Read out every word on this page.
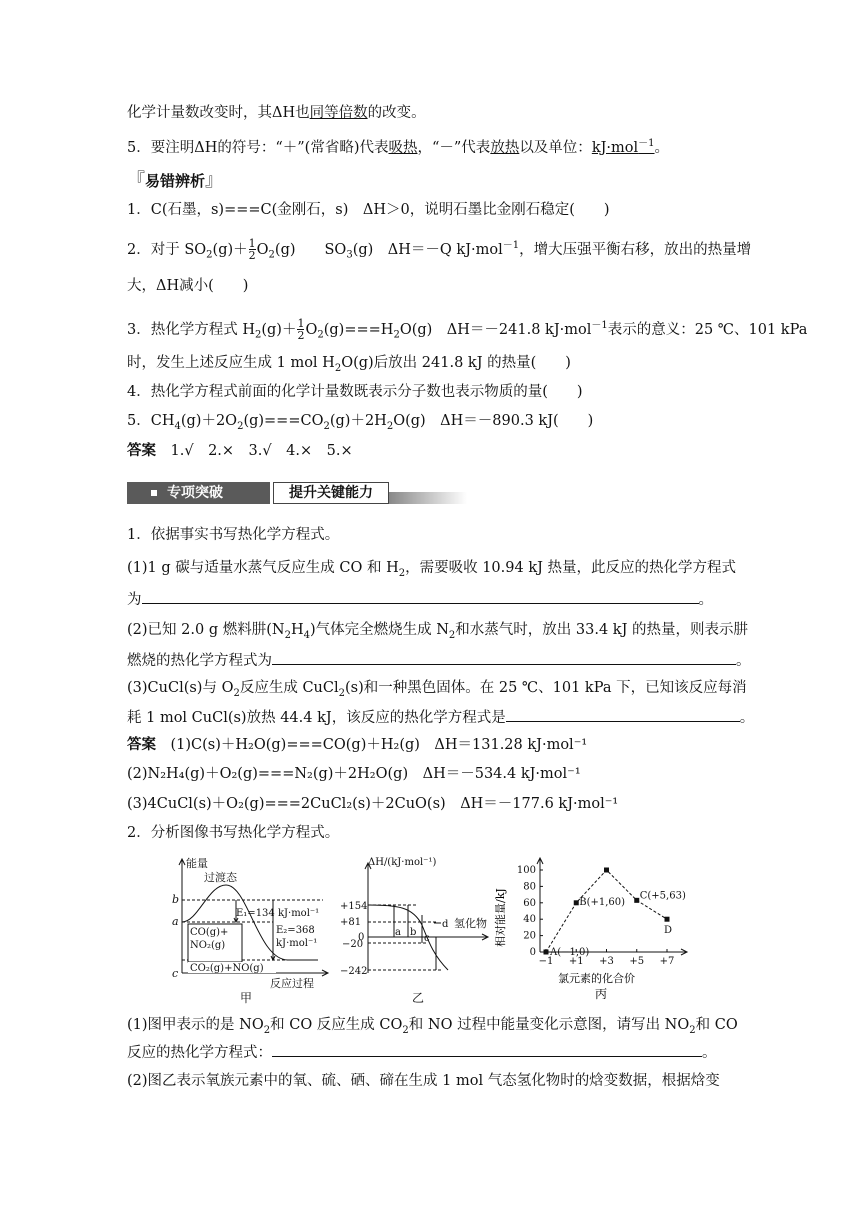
化学计量数改变时，其ΔH也同等倍数的改变。
5．要注明ΔH的符号：“＋”(常省略)代表吸热，“－”代表放热以及单位：kJ·mol$^{-1}$。
『易错辨析』
1．C(石墨，s)===C(金刚石，s)　ΔH＞0，说明石墨比金刚石稳定(　　)
2．对于 $SO_2(g)+ \frac{1}{2} O_2(g)$　　$SO_3(g)$　ΔH＝－Q kJ·mol$^{-1}$，增大压强平衡右移，放出的热量增
大，ΔH减小(　　)
3．热化学方程式 $H_2(g)+ \frac{1}{2} O_2(g)===H_2O(g)$　ΔH＝－241.8 kJ·mol$^{-1}$表示的意义：25 ℃、101 kPa
时，发生上述反应生成 1 mol $H_2O(g)$后放出 241.8 kJ 的热量(　　)
4．热化学方程式前面的化学计量数既表示分子数也表示物质的量(　　)
5．$CH_4(g)+2O_2(g)===CO_2(g)+2H_2O(g)$　ΔH＝－890.3 kJ(　　)
答案　 1.√　2.×　3.√　4.×　5.×
专项突破	提升关键能力
1．依据事实书写热化学方程式。
(1)1 g 碳与适量水蒸气反应生成 CO 和 $H_2$，需要吸收 10.94 kJ 热量，此反应的热化学方程式
为	。
(2)已知 2.0 g 燃料肼$(N_2H_4)$气体完全燃烧生成 $N_2$和水蒸气时，放出 33.4 kJ 的热量，则表示肼
燃烧的热化学方程式为	。
(3)CuCl(s)与 $O_2$反应生成 CuCl$_2$(s)和一种黑色固体。在 25 ℃、101 kPa 下，已知该反应每消
耗 1 mol CuCl(s)放热 44.4 kJ，该反应的热化学方程式是	。
答案　 (1)C(s)＋H₂O(g)===CO(g)＋H₂(g)　ΔH＝131.28 kJ·mol⁻¹
(2)N₂H₄(g)＋O₂(g)===N₂(g)＋2H₂O(g)　ΔH＝－534.4 kJ·mol⁻¹
(3)4CuCl(s)＋O₂(g)===2CuCl₂(s)＋2CuO(s)　ΔH＝－177.6 kJ·mol⁻¹
2．分析图像书写热化学方程式。
能量
过渡态
E₁=134 kJ·mol⁻¹
E₂=368
kJ·mol⁻¹
CO(g)+
NO₂(g)
CO₂(g)+NO(g)
b
a
c
反应过程
甲
ΔH/(kJ·mol⁻¹)
+154
+81
0
−20
−242
a b
c
d 氢化物
乙
0
20
40
60
80
100
−1 +1 +3 +5 +7
A(−1,0)
B(+1,60)
C(+5,63)
D
相对能量/kJ
氯元素的化合价
丙
(1)图甲表示的是 $NO_2$和 CO 反应生成 $CO_2$和 NO 过程中能量变化示意图，请写出 $NO_2$和 CO
反应的热化学方程式：	。
(2)图乙表示氧族元素中的氧、硫、硒、碲在生成 1 mol 气态氢化物时的焓变数据，根据焓变
